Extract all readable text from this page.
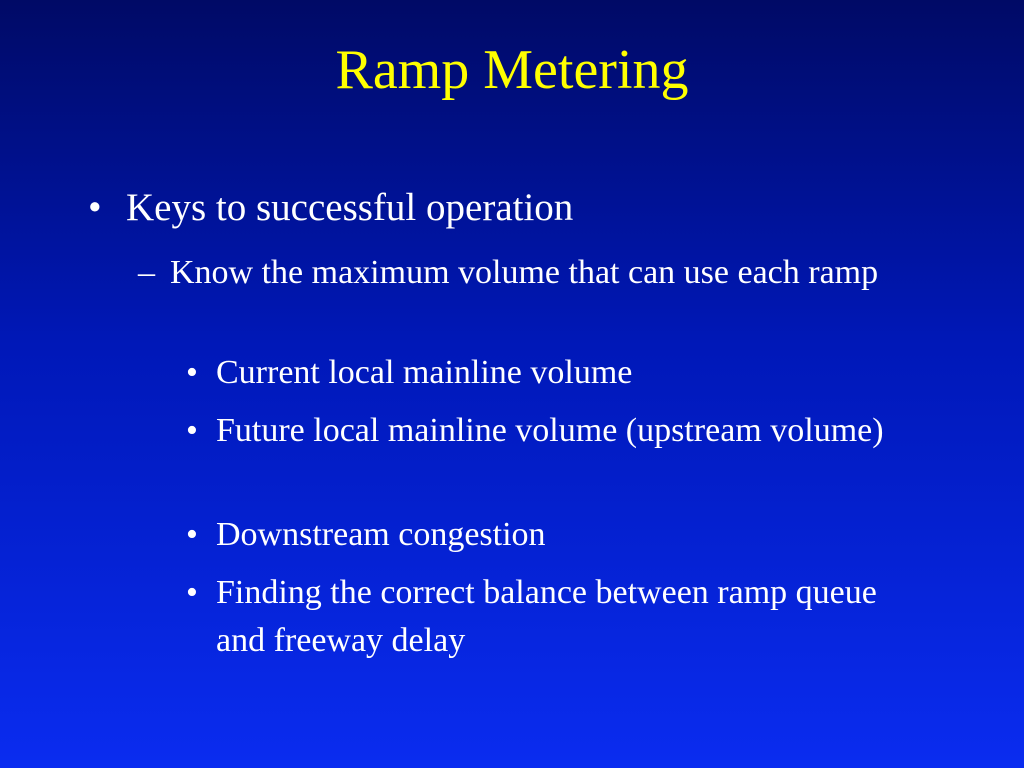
Ramp Metering
• Keys to successful operation
– Know the maximum volume that can use each ramp
• Current local mainline volume
• Future local mainline volume (upstream volume)
• Downstream congestion
• Finding the correct balance between ramp queue and freeway delay
